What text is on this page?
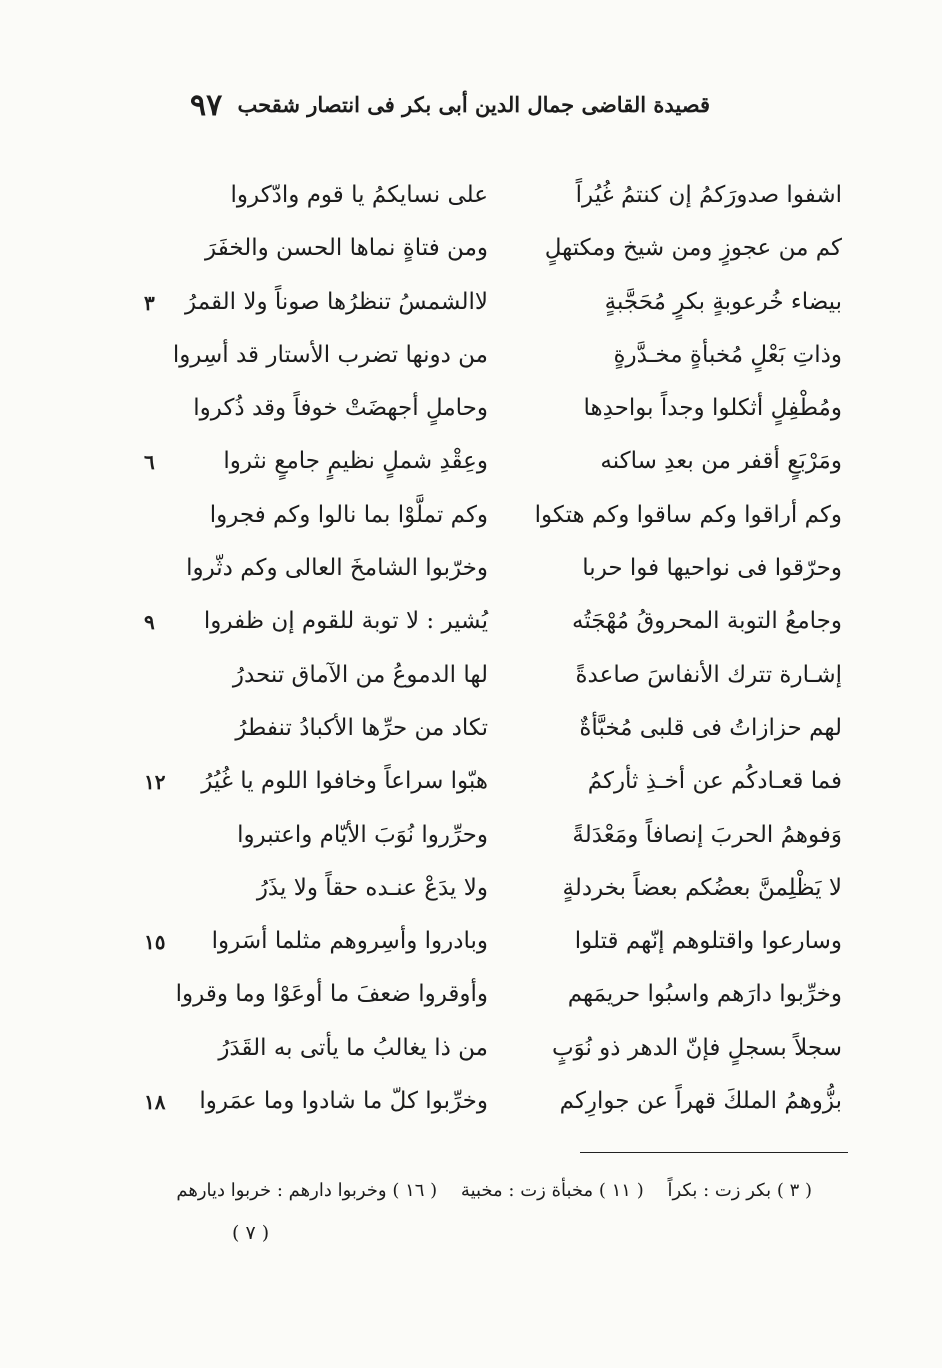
٩٧ قصيدة القاضى جمال الدين أبى بكر فى انتصار شقحب
اشفوا صدورَكمُ إن كنتمُ غُيُراً
على نسايكمُ يا قوم وادّكروا
كم من عجوزٍ ومن شيخ ومكتهلٍ
ومن فتاةٍ نماها الحسن والخفَرَ
بيضاء خُرعوبةٍ بكرٍ مُحَجَّبةٍ
لاالشمسُ تنظرُها صوناً ولا القمرُ
٣
وذاتِ بَعْلٍ مُخبأةٍ مخـدَّرةٍ
من دونها تضرب الأستار قد أسِروا
ومُطْفِلٍ أثكلوا وجداً بواحدِها
وحاملٍ أجهضَتْ خوفاً وقد ذُكروا
ومَرْبَعٍ أقفر من بعدِ ساكنه
وعِقْدِ شملٍ نظيمٍ جامعٍ نثروا
٦
وكم أراقوا وكم ساقوا وكم هتكوا
وكم تملَّوْا بما نالوا وكم فجروا
وحرّقوا فى نواحيها فوا حربا
وخرّبوا الشامخَ العالى وكم دثّروا
وجامعُ التوبة المحروقُ مُهْجَتُه
يُشير : لا توبة للقوم إن ظفروا
٩
إشـارة تترك الأنفاسَ صاعدةً
لها الدموعُ من الآماق تنحدرُ
لهم حزازاتُ فى قلبى مُخبَّأةٌ
تكاد من حرِّها الأكبادُ تنفطرُ
فما قعـادكُم عن أخـذِ ثأركمُ
هبّوا سراعاً وخافوا اللوم يا غُيُرُ
١٢
وَفوهمُ الحربَ إنصافاً ومَعْدَلةً
وحرِّروا نُوَبَ الأيّام واعتبروا
لا يَظْلِمنَّ بعضُكم بعضاً بخردلةٍ
ولا يدَعْ عنـده حقاً ولا يذَرُ
وسارعوا واقتلوهم إنّهم قتلوا
وبادروا وأسِروهم مثلما أسَروا
١٥
وخرِّبوا دارَهم واسبُوا حريمَهم
وأوقروا ضعفَ ما أوعَوْا وما وقروا
سجلاً بسجلٍ فإنّ الدهر ذو نُوَبٍ
من ذا يغالبُ ما يأتى به القَدَرُ
بزُّوهمُ الملكَ قهراً عن جوارِكم
وخرِّبوا كلّ ما شادوا وما عمَروا
١٨
( ٣ ) بكر زت : بكراً ( ١١ ) مخبأة زت : مخبية ( ١٦ ) وخربوا دارهم : خربوا ديارهم
( ٧ )
